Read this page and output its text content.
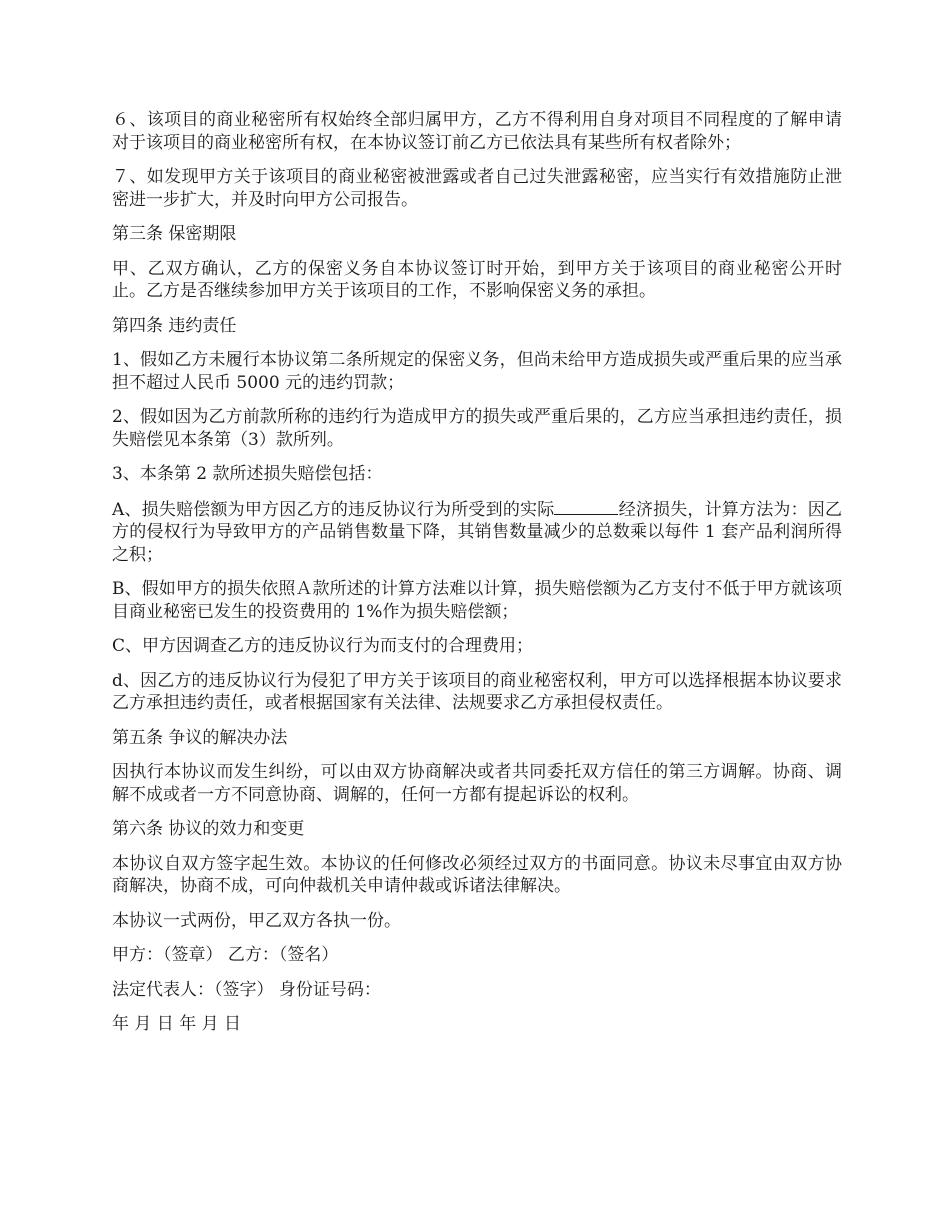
６、该项目的商业秘密所有权始终全部归属甲方，乙方不得利用自身对项目不同程度的了解申请对于该项目的商业秘密所有权，在本协议签订前乙方已依法具有某些所有权者除外；

７、如发现甲方关于该项目的商业秘密被泄露或者自己过失泄露秘密，应当实行有效措施防止泄密进一步扩大，并及时向甲方公司报告。

第三条 保密期限

甲、乙双方确认，乙方的保密义务自本协议签订时开始，到甲方关于该项目的商业秘密公开时止。乙方是否继续参加甲方关于该项目的工作，不影响保密义务的承担。

第四条 违约责任

1、假如乙方未履行本协议第二条所规定的保密义务，但尚未给甲方造成损失或严重后果的应当承担不超过人民币 5000 元的违约罚款；

2、假如因为乙方前款所称的违约行为造成甲方的损失或严重后果的，乙方应当承担违约责任，损失赔偿见本条第（3）款所列。

3、本条第 2 款所述损失赔偿包括：

A、损失赔偿额为甲方因乙方的违反协议行为所受到的实际	经济损失，计算方法为：因乙方的侵权行为导致甲方的产品销售数量下降，其销售数量减少的总数乘以每件 1 套产品利润所得之积；

B、假如甲方的损失依照Ａ款所述的计算方法难以计算，损失赔偿额为乙方支付不低于甲方就该项目商业秘密已发生的投资费用的 1%作为损失赔偿额；

C、甲方因调查乙方的违反协议行为而支付的合理费用；

d、因乙方的违反协议行为侵犯了甲方关于该项目的商业秘密权利，甲方可以选择根据本协议要求乙方承担违约责任，或者根据国家有关法律、法规要求乙方承担侵权责任。

第五条 争议的解决办法

因执行本协议而发生纠纷，可以由双方协商解决或者共同委托双方信任的第三方调解。协商、调解不成或者一方不同意协商、调解的，任何一方都有提起诉讼的权利。

第六条 协议的效力和变更

本协议自双方签字起生效。本协议的任何修改必须经过双方的书面同意。协议未尽事宜由双方协商解决，协商不成，可向仲裁机关申请仲裁或诉诸法律解决。

本协议一式两份，甲乙双方各执一份。

甲方：（签章） 乙方：（签名）

法定代表人：（签字） 身份证号码：

年 月 日 年 月 日
